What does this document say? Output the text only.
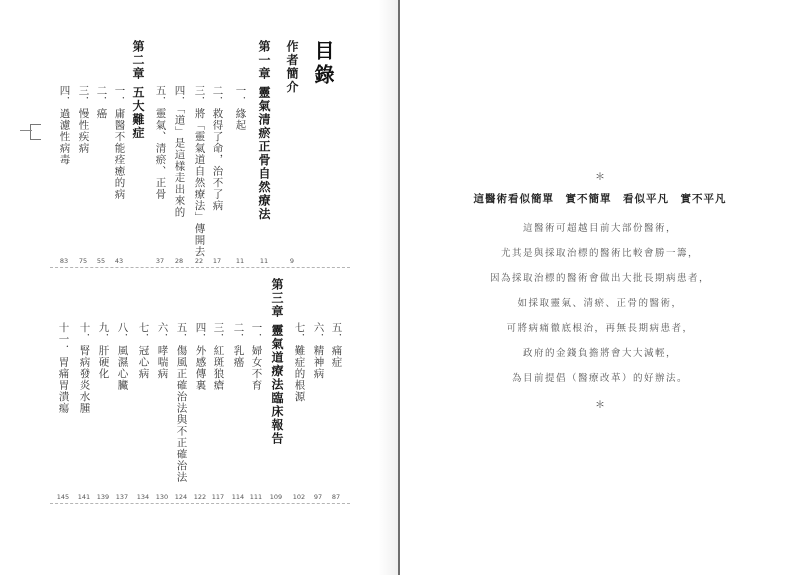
目錄
作者簡介
9
第一章
靈氣清瘀正骨自然療法
11
一．緣起
11
二．救得了命，治不了病
17
三．將「靈氣道自然療法」傳開去
22
四．「道」是這樣走出來的
28
五．靈氣、清瘀、正骨
37
第二章
五大難症
一．庸醫不能痊癒的病
43
二．癌
55
三．慢性疾病
75
四．過濾性病毒
83
五．痛症
87
六．精神病
97
七．難症的根源
102
第三章
靈氣道療法臨床報告
109
一．婦女不育
111
二．乳癌
114
三．紅斑狼瘡
117
四．外感傳裏
122
五．傷風正確治法與不正確治法
124
六．哮喘病
130
七．冠心病
134
八．風濕心臟
137
九．肝硬化
139
十．腎病發炎水腫
141
十一．胃痛胃潰瘍
145
＊
這醫術看似簡單　實不簡單　看似平凡　實不平凡
這醫術可超越目前大部份醫術，
尤其是與採取治標的醫術比較會勝一籌，
因為採取治標的醫術會做出大批長期病患者，
如採取靈氣、清瘀、正骨的醫術，
可將病痛徹底根治，再無長期病患者，
政府的金錢負擔將會大大減輕，
為目前提倡（醫療改革）的好辦法。
＊
